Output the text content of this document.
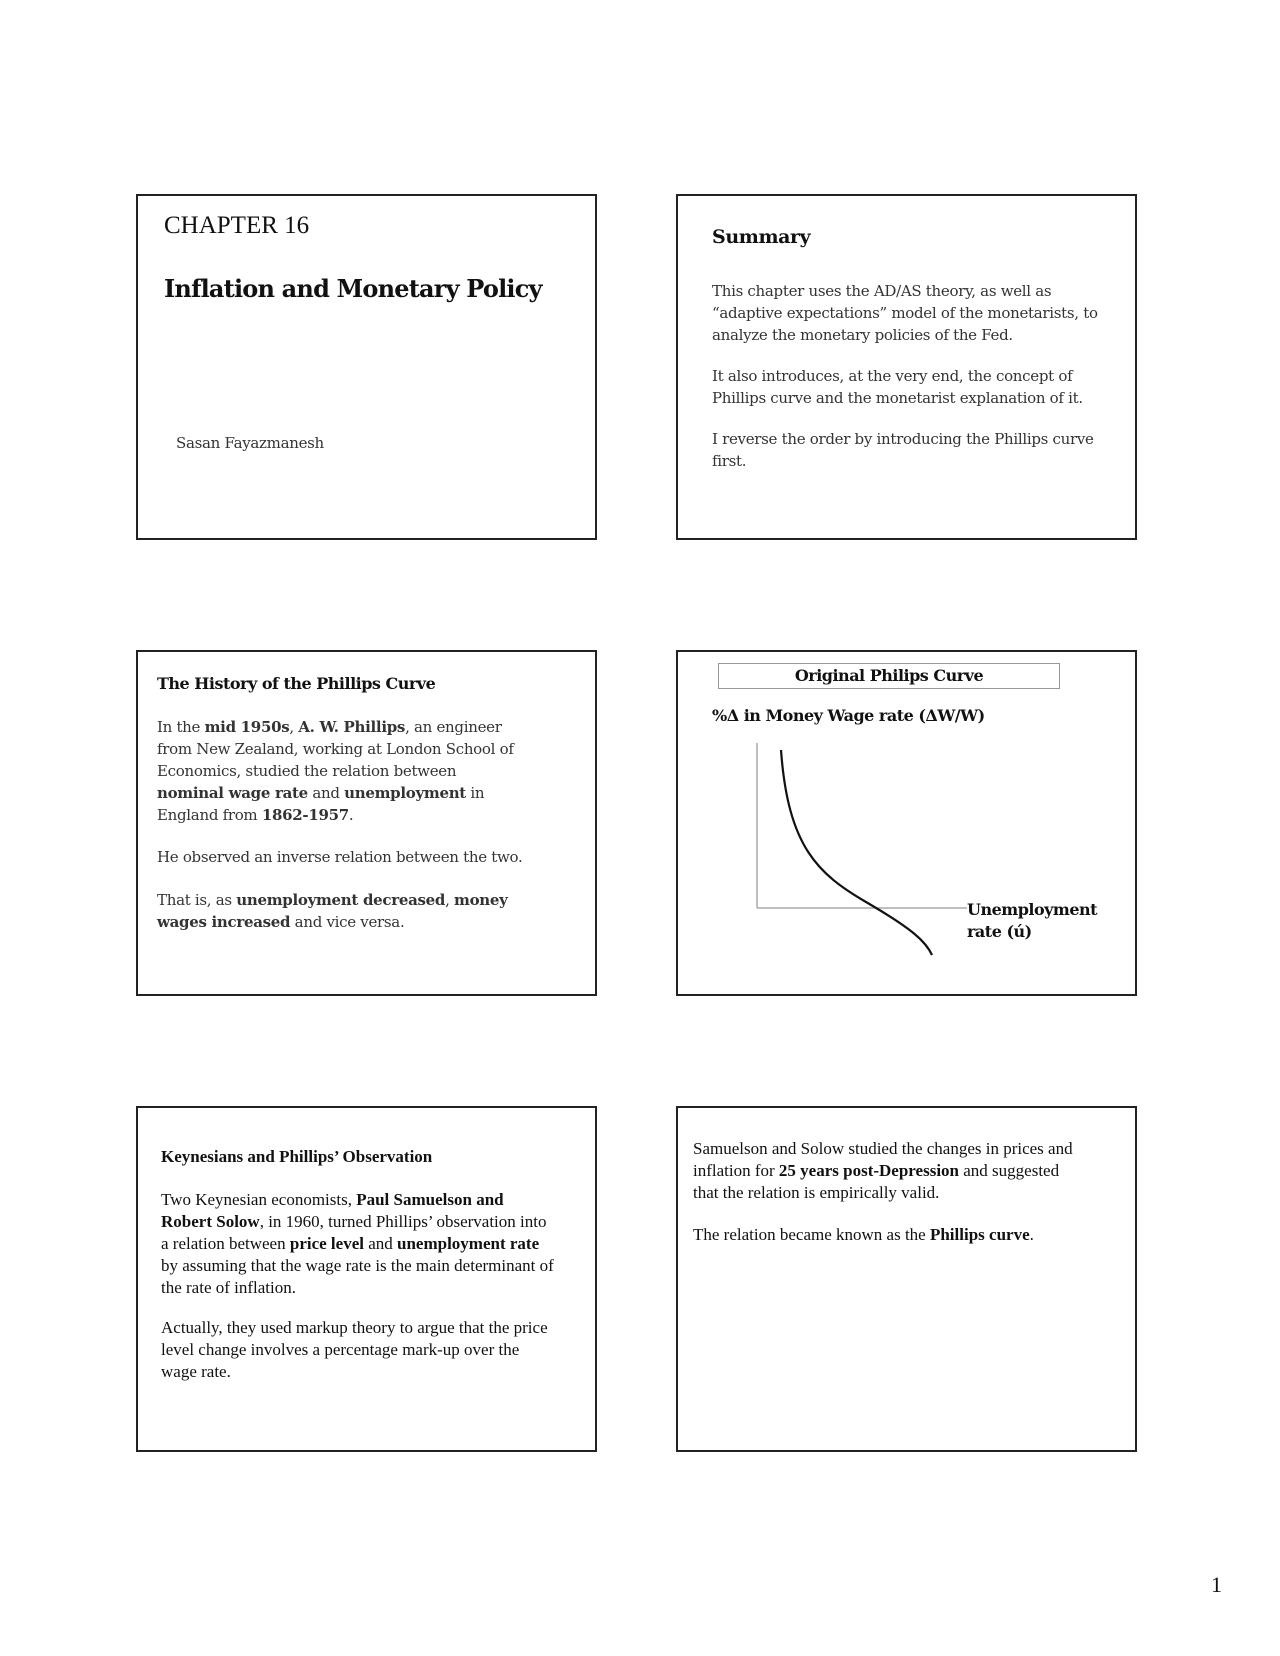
CHAPTER 16

Inflation and Monetary Policy

Sasan Fayazmanesh

Summary

This chapter uses the AD/AS theory, as well as “adaptive expectations” model of the monetarists, to analyze the monetary policies of the Fed.

It also introduces, at the very end, the concept of Phillips curve and the monetarist explanation of it.

I reverse the order by introducing the Phillips curve first.

The History of the Phillips Curve

In the mid 1950s, A. W. Phillips, an engineer from New Zealand, working at London School of Economics, studied the relation between nominal wage rate and unemployment in England from 1862-1957.

He observed an inverse relation between the two.

That is, as unemployment decreased, money wages increased and vice versa.

Original Philips Curve

%Δ in Money Wage rate (ΔW/W)

Unemployment

rate (ú)

Keynesians and Phillips’ Observation

Two Keynesian economists, Paul Samuelson and Robert Solow, in 1960, turned Phillips’ observation into a relation between price level and unemployment rate by assuming that the wage rate is the main determinant of the rate of inflation.

Actually, they used markup theory to argue that the price level change involves a percentage mark-up over the wage rate.

Samuelson and Solow studied the changes in prices and inflation for 25 years post-Depression and suggested that the relation is empirically valid.

The relation became known as the Phillips curve.

1
